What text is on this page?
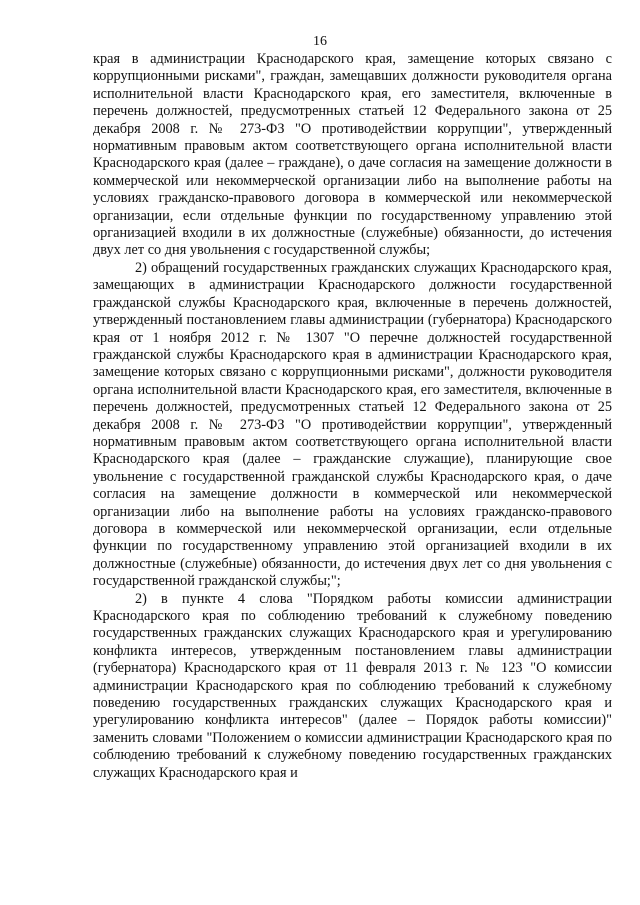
16

края в администрации Краснодарского края, замещение которых связано с коррупционными рисками", граждан, замещавших должности руководителя органа исполнительной власти Краснодарского края, его заместителя, включенные в перечень должностей, предусмотренных статьей 12 Федерального закона от 25 декабря 2008 г. № 273-ФЗ "О противодействии коррупции", утвержденный нормативным правовым актом соответствующего органа исполнительной власти Краснодарского края (далее – граждане), о даче согласия на замещение должности в коммерческой или некоммерческой организации либо на выполнение работы на условиях гражданско-правового договора в коммерческой или некоммерческой организации, если отдельные функции по государственному управлению этой организацией входили в их должностные (служебные) обязанности, до истечения двух лет со дня увольнения с государственной службы;

2) обращений государственных гражданских служащих Краснодарского края, замещающих в администрации Краснодарского должности государственной гражданской службы Краснодарского края, включенные в перечень должностей, утвержденный постановлением главы администрации (губернатора) Краснодарского края от 1 ноября 2012 г. № 1307 "О перечне должностей государственной гражданской службы Краснодарского края в администрации Краснодарского края, замещение которых связано с коррупционными рисками", должности руководителя органа исполнительной власти Краснодарского края, его заместителя, включенные в перечень должностей, предусмотренных статьей 12 Федерального закона от 25 декабря 2008 г. № 273-ФЗ "О противодействии коррупции", утвержденный нормативным правовым актом соответствующего органа исполнительной власти Краснодарского края (далее – гражданские служащие), планирующие свое увольнение с государственной гражданской службы Краснодарского края, о даче согласия на замещение должности в коммерческой или некоммерческой организации либо на выполнение работы на условиях гражданско-правового договора в коммерческой или некоммерческой организации, если отдельные функции по государственному управлению этой организацией входили в их должностные (служебные) обязанности, до истечения двух лет со дня увольнения с государственной гражданской службы;";

2) в пункте 4 слова "Порядком работы комиссии администрации Краснодарского края по соблюдению требований к служебному поведению государственных гражданских служащих Краснодарского края и урегулированию конфликта интересов, утвержденным постановлением главы администрации (губернатора) Краснодарского края от 11 февраля 2013 г. № 123 "О комиссии администрации Краснодарского края по соблюдению требований к служебному поведению государственных гражданских служащих Краснодарского края и урегулированию конфликта интересов" (далее – Порядок работы комиссии)" заменить словами "Положением о комиссии администрации Краснодарского края по соблюдению требований к служебному поведению государственных гражданских служащих Краснодарского края и
